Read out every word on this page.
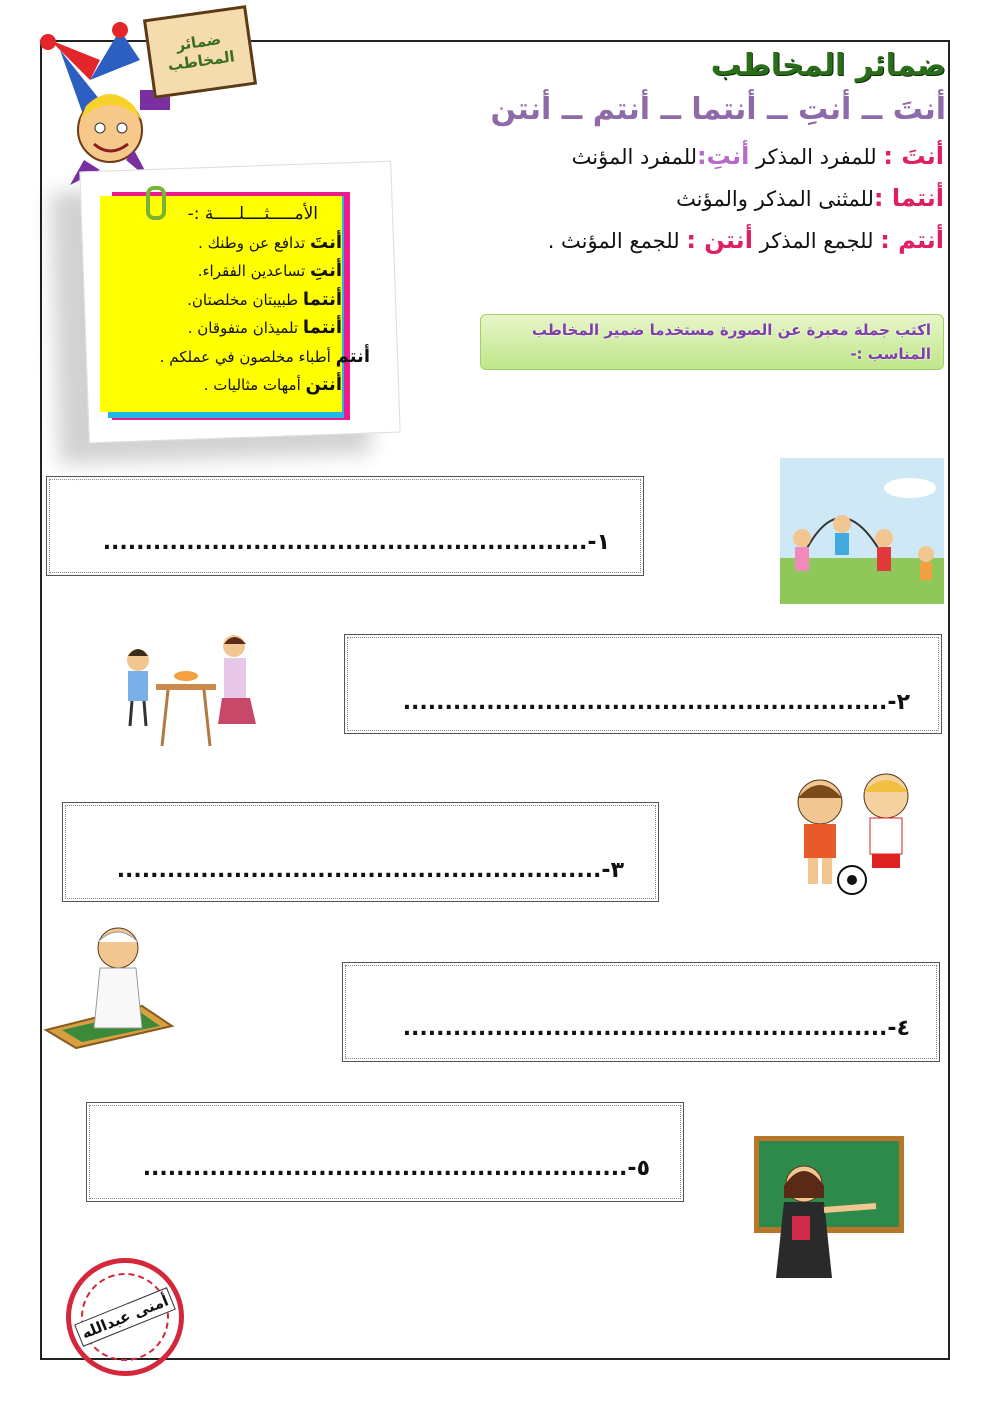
ضمائر
المخاطب	ضمائر المخاطب
أنتَ ــ أنتِ ــ أنتما ــ أنتم ــ أنتن
أنتَ : للمفرد المذكر أنتِ:للمفرد المؤنث
أنتما :للمثنى المذكر والمؤنث
أنتم : للجمع المذكر أنتن : للجمع المؤنث .
الأمـــــثــــلـــــة :-
أنتَ تدافع عن وطنك .
أنتِ تساعدين الفقراء.
أنتما طبيبتان مخلصتان.
أنتما تلميذان متفوقان .
أنتم أطباء مخلصون في عملكم .
أنتن أمهات مثاليات .
اكتب جملة معبرة عن الصورة مستخدما ضمير المخاطب المناسب :-
١-..........................................................
٢-..........................................................
٣-..........................................................
٤-..........................................................
٥-..........................................................
أمنى عبدالله
